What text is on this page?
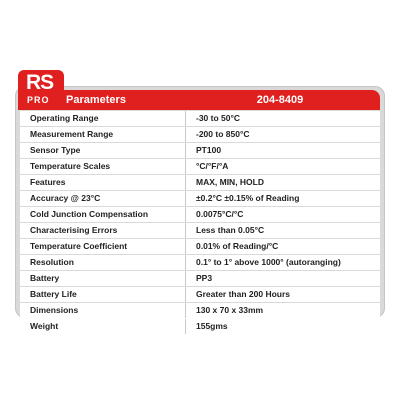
RS
PRO Parameters	204-8409
Operating Range	-30 to 50°C
Measurement Range	-200 to 850°C
Sensor Type	PT100
Temperature Scales	°C/°F/°A
Features	MAX, MIN, HOLD
Accuracy @ 23°C	±0.2°C ±0.15% of Reading
Cold Junction Compensation	0.0075°C/°C
Characterising Errors	Less than 0.05°C
Temperature Coefficient	0.01% of Reading/°C
Resolution	0.1° to 1° above 1000° (autoranging)
Battery	PP3
Battery Life	Greater than 200 Hours
Dimensions	130 x 70 x 33mm
Weight	155gms
